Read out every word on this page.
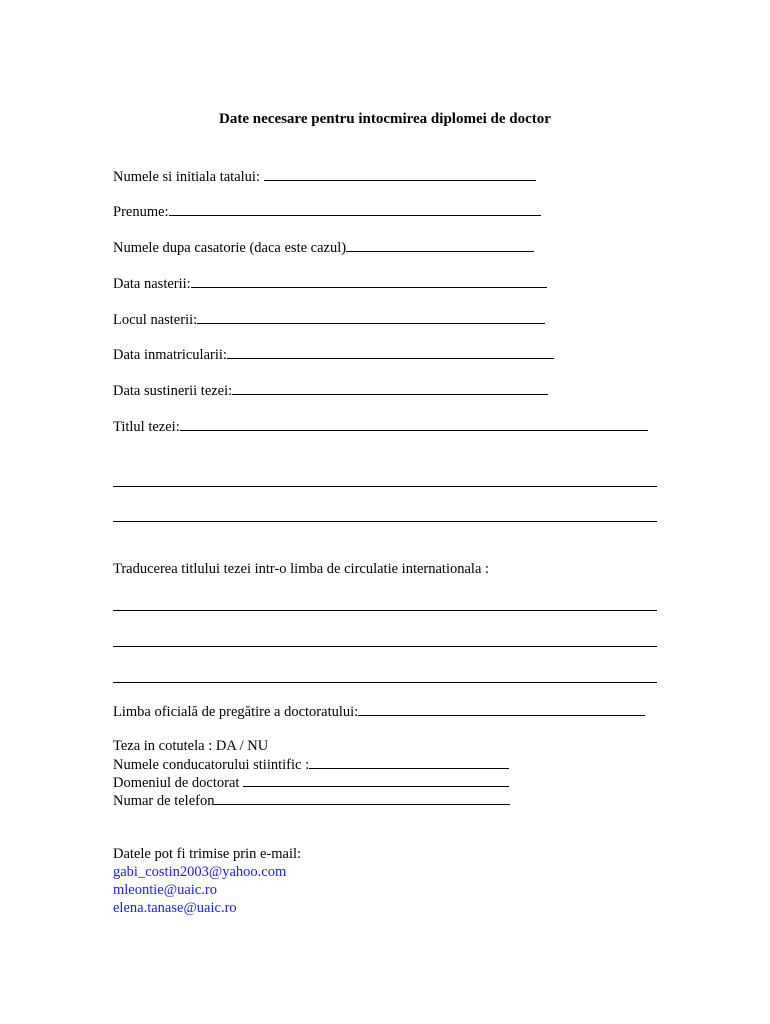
Date necesare pentru intocmirea diplomei de doctor
Numele si initiala tatalui:
Prenume:
Numele dupa casatorie (daca este cazul)
Data nasterii:
Locul nasterii:
Data inmatricularii:
Data sustinerii tezei:
Titlul tezei:
Traducerea titlului tezei intr-o limba de circulatie internationala :
Limba oficială de pregătire a doctoratului:
Teza in cotutela : DA / NU
Numele conducatorului stiintific :
Domeniul de doctorat
Numar de telefon
Datele pot fi trimise prin e-mail:
gabi_costin2003@yahoo.com
mleontie@uaic.ro
elena.tanase@uaic.ro
